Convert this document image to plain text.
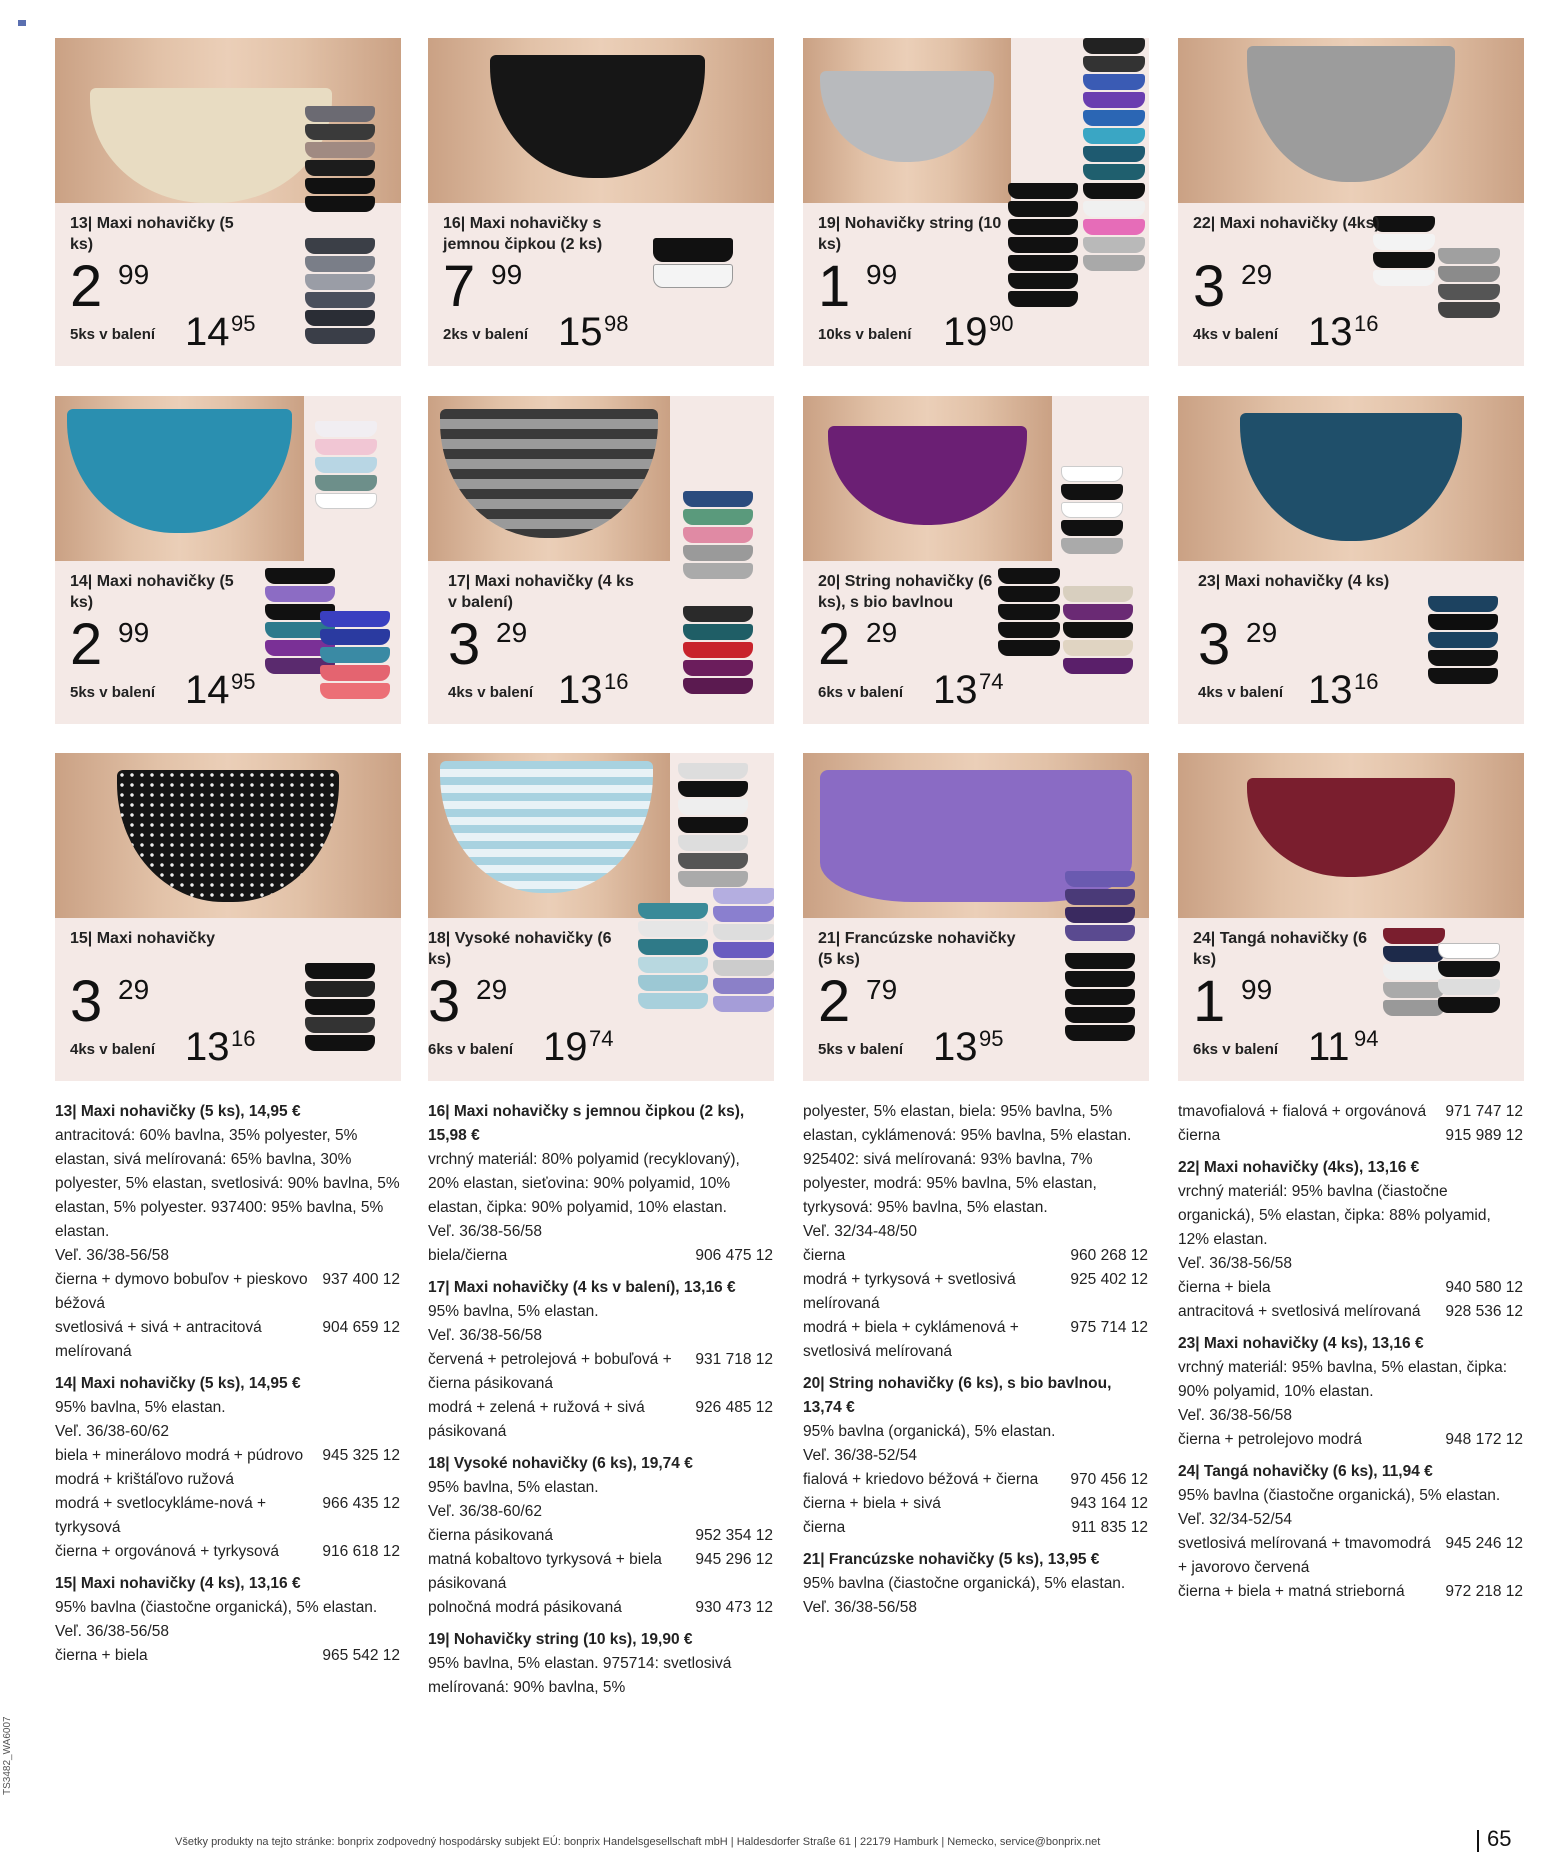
13| Maxi nohavičky (5 ks)
2 99
5ks v balení 14 95
16| Maxi nohavičky s jemnou čipkou (2 ks)
7 99
2ks v balení 15 98
19| Nohavičky string (10 ks)
1 99
10ks v balení 19 90
22| Maxi nohavičky (4ks)
3 29
4ks v balení 13 16
14| Maxi nohavičky (5 ks)
2 99
5ks v balení 14 95
17| Maxi nohavičky (4 ks v balení)
3 29
4ks v balení 13 16
20| String nohavičky (6 ks), s bio bavlnou
2 29
6ks v balení 13 74
23| Maxi nohavičky (4 ks)
3 29
4ks v balení 13 16
15| Maxi nohavičky
3 29
4ks v balení 13 16
18| Vysoké nohavičky (6 ks)
3 29
6ks v balení 19 74
21| Francúzske nohavičky (5 ks)
2 79
5ks v balení 13 95
24| Tangá nohavičky (6 ks)
1 99
6ks v balení 11 94
13| Maxi nohavičky (5 ks), 14,95 €
antracitová: 60% bavlna, 35% polyester, 5% elastan, sivá melírovaná: 65% bavlna, 30% polyester, 5% elastan, svetlosivá: 90% bavlna, 5% elastan, 5% polyester. 937400: 95% bavlna, 5% elastan.
Veľ. 36/38-56/58
čierna + dymovo bobuľov + pieskovo béžová
937 400 12
svetlosivá + sivá + antracitová melírovaná
904 659 12
14| Maxi nohavičky (5 ks), 14,95 €
95% bavlna, 5% elastan.
Veľ. 36/38-60/62
biela + minerálovo modrá + púdrovo modrá + krištáľovo ružová
945 325 12
modrá + svetlocykláme-nová + tyrkysová
966 435 12
čierna + orgovánová + tyrkysová	916 618 12
15| Maxi nohavičky (4 ks), 13,16 €
95% bavlna (čiastočne organická), 5% elastan.
Veľ. 36/38-56/58
čierna + biela	965 542 12
16| Maxi nohavičky s jemnou čipkou (2 ks), 15,98 €
vrchný materiál: 80% polyamid (recyklovaný), 20% elastan, sieťovina: 90% polyamid, 10% elastan, čipka: 90% polyamid, 10% elastan.
Veľ. 36/38-56/58
biela/čierna	906 475 12
17| Maxi nohavičky (4 ks v balení), 13,16 €
95% bavlna, 5% elastan.
Veľ. 36/38-56/58
červená + petrolejová + bobuľová + čierna pásikovaná
931 718 12
modrá + zelená + ružová + sivá pásikovaná
926 485 12
18| Vysoké nohavičky (6 ks), 19,74 €
95% bavlna, 5% elastan.
Veľ. 36/38-60/62
čierna pásikovaná	952 354 12
matná kobaltovo tyrkysová + biela pásikovaná
945 296 12
polnočná modrá pásikovaná	930 473 12
19| Nohavičky string (10 ks), 19,90 €
95% bavlna, 5% elastan. 975714: svetlosivá melírovaná: 90% bavlna, 5%
polyester, 5% elastan, biela: 95% bavlna, 5% elastan, cyklámenová: 95% bavlna, 5% elastan. 925402: sivá melírovaná: 93% bavlna, 7% polyester, modrá: 95% bavlna, 5% elastan, tyrkysová: 95% bavlna, 5% elastan.
Veľ. 32/34-48/50
čierna	960 268 12
modrá + tyrkysová + svetlosivá melírovaná
925 402 12
modrá + biela + cyklámenová + svetlosivá melírovaná
975 714 12
20| String nohavičky (6 ks), s bio bavlnou, 13,74 €
95% bavlna (organická), 5% elastan.
Veľ. 36/38-52/54
fialová + kriedovo béžová + čierna	970 456 12
čierna + biela + sivá	943 164 12
čierna	911 835 12
21| Francúzske nohavičky (5 ks), 13,95 €
95% bavlna (čiastočne organická), 5% elastan.
Veľ. 36/38-56/58
tmavofialová + fialová + orgovánová	971 747 12
čierna	915 989 12
22| Maxi nohavičky (4ks), 13,16 €
vrchný materiál: 95% bavlna (čiastočne organická), 5% elastan, čipka: 88% polyamid, 12% elastan.
Veľ. 36/38-56/58
čierna + biela	940 580 12
antracitová + svetlosivá melírovaná	928 536 12
23| Maxi nohavičky (4 ks), 13,16 €
vrchný materiál: 95% bavlna, 5% elastan, čipka: 90% polyamid, 10% elastan.
Veľ. 36/38-56/58
čierna + petrolejovo modrá	948 172 12
24| Tangá nohavičky (6 ks), 11,94 €
95% bavlna (čiastočne organická), 5% elastan.
Veľ. 32/34-52/54
svetlosivá melírovaná + tmavomodrá + javorovo červená
945 246 12
čierna + biela + matná strieborná	972 218 12
Všetky produkty na tejto stránke: bonprix zodpovedný hospodársky subjekt EÚ: bonprix Handelsgesellschaft mbH | Haldesdorfer Straße 61 | 22179 Hamburk | Nemecko, service@bonprix.net	65
TS3482_WA6007
